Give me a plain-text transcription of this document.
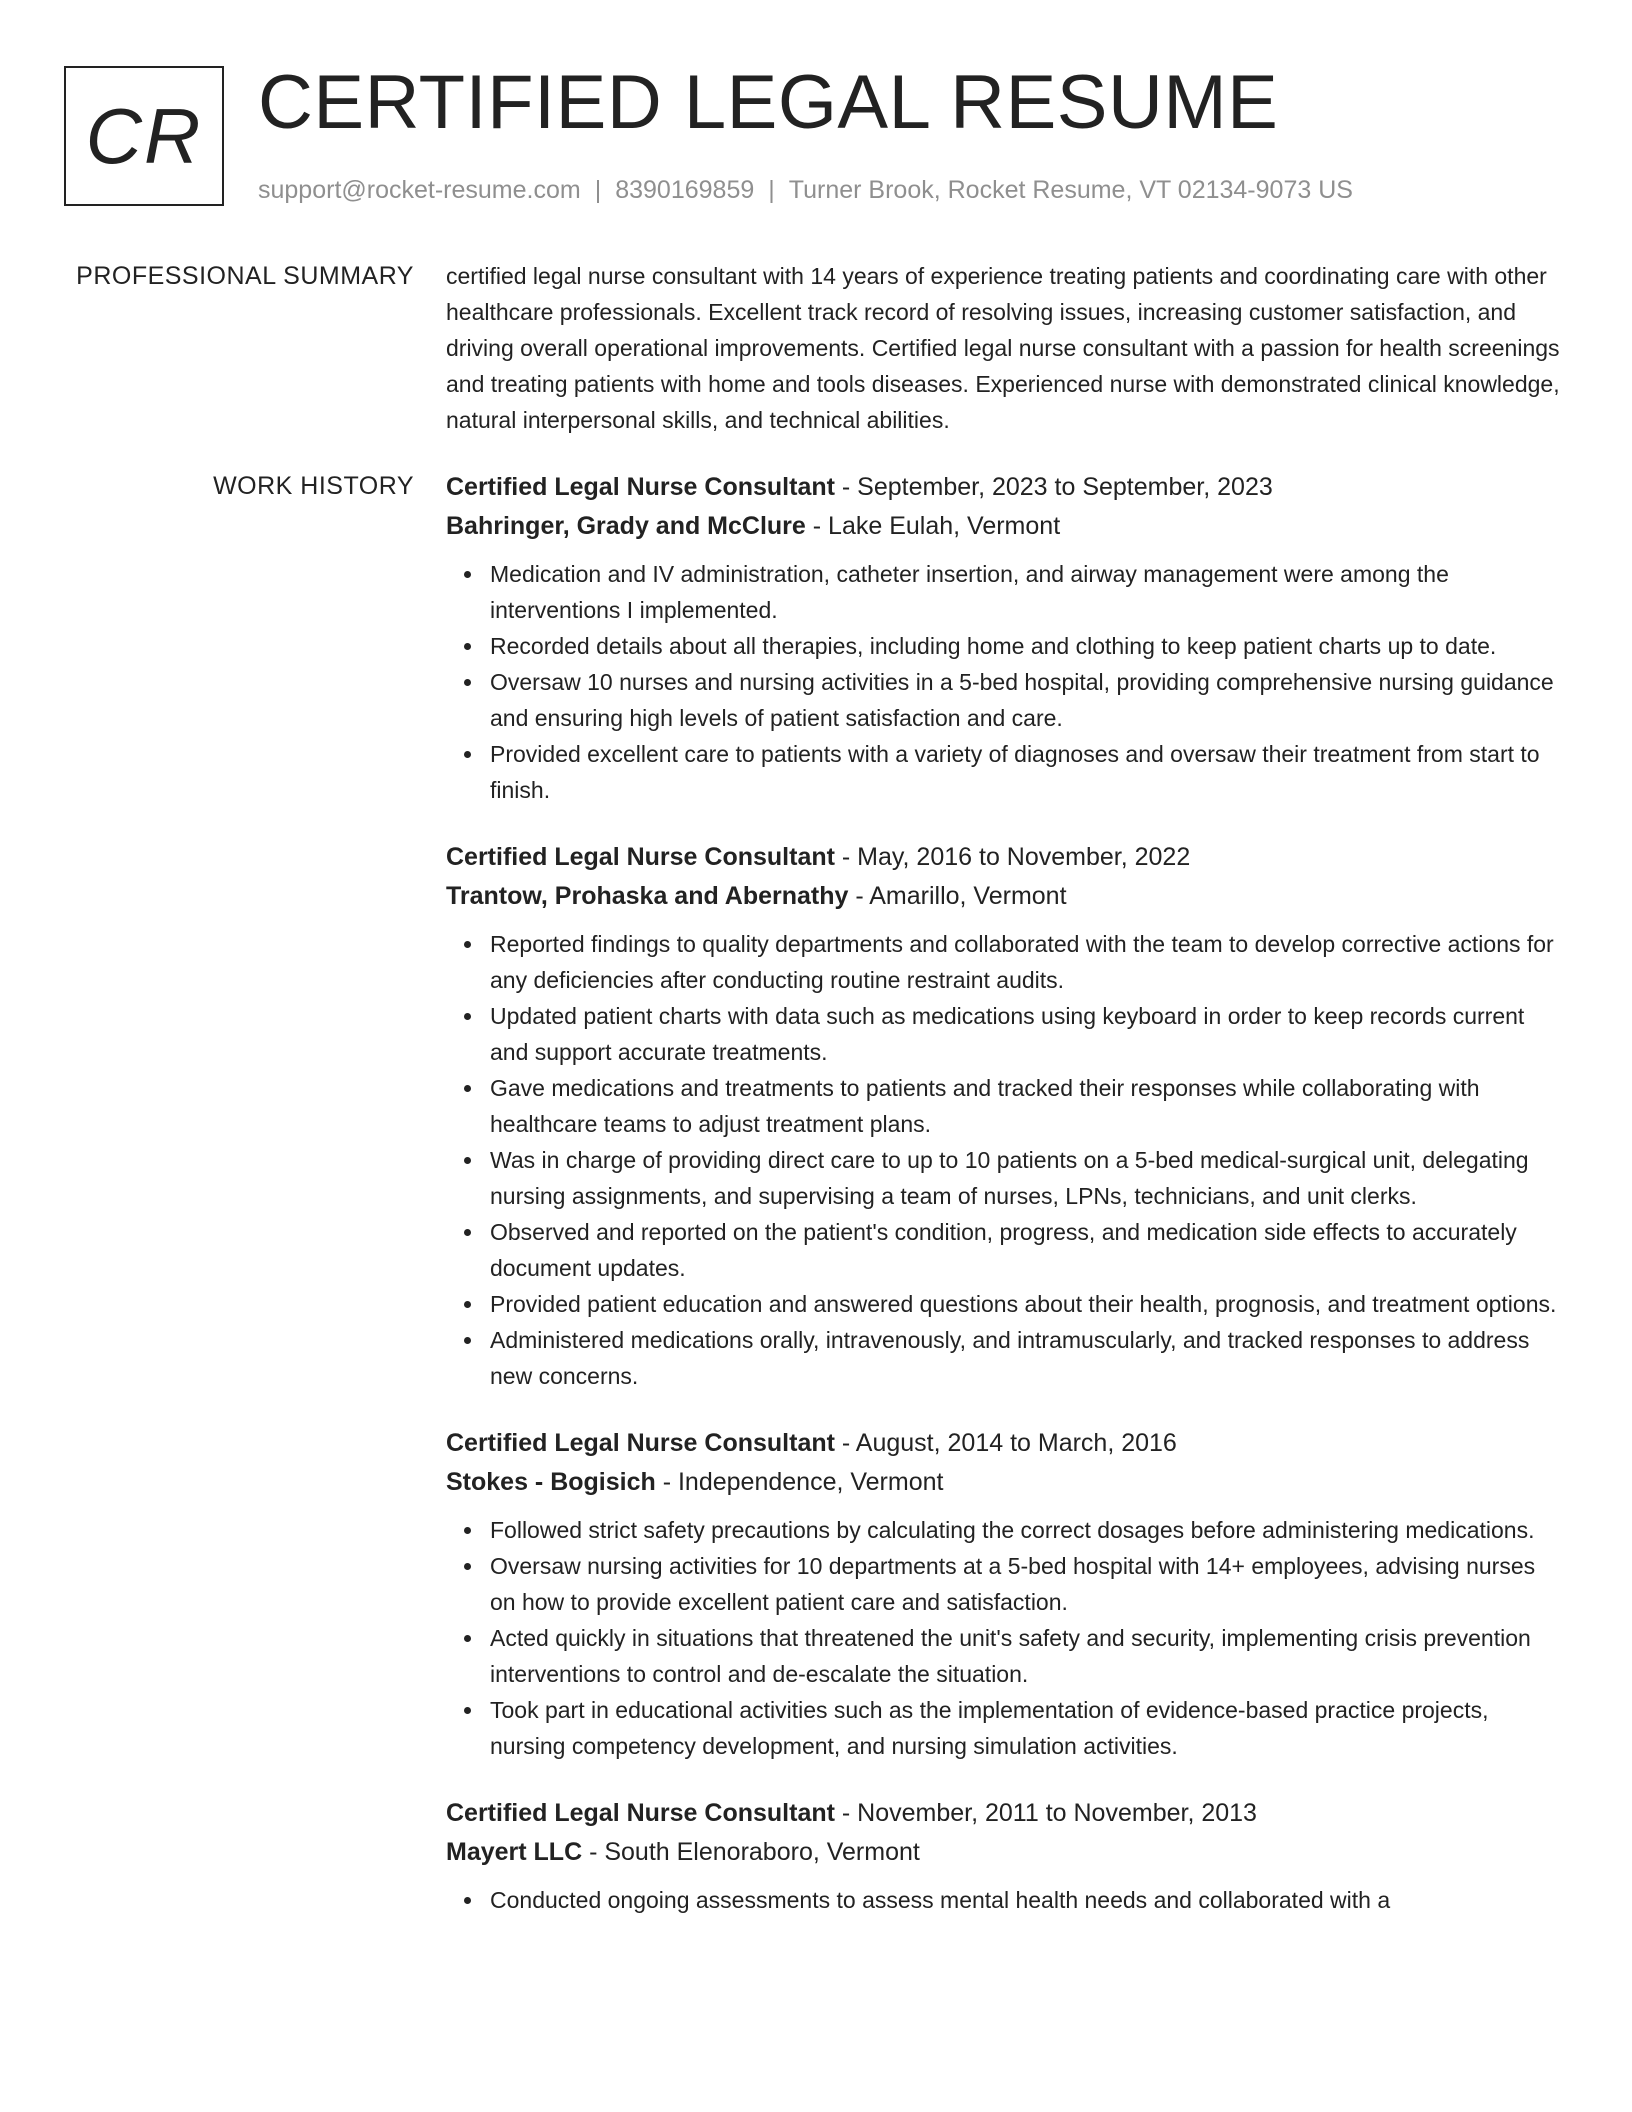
CR CERTIFIED LEGAL RESUME
support@rocket-resume.com | 8390169859 | Turner Brook, Rocket Resume, VT 02134-9073 US
PROFESSIONAL SUMMARY certified legal nurse consultant with 14 years of experience treating patients and coordinating care with other healthcare professionals. Excellent track record of resolving issues, increasing customer satisfaction, and driving overall operational improvements. Certified legal nurse consultant with a passion for health screenings and treating patients with home and tools diseases. Experienced nurse with demonstrated clinical knowledge, natural interpersonal skills, and technical abilities.

WORK HISTORY Certified Legal Nurse Consultant - September, 2023 to September, 2023
Bahringer, Grady and McClure - Lake Eulah, Vermont
Medication and IV administration, catheter insertion, and airway management were among the interventions I implemented.
Recorded details about all therapies, including home and clothing to keep patient charts up to date.
Oversaw 10 nurses and nursing activities in a 5-bed hospital, providing comprehensive nursing guidance and ensuring high levels of patient satisfaction and care.
Provided excellent care to patients with a variety of diagnoses and oversaw their treatment from start to finish.
Certified Legal Nurse Consultant - May, 2016 to November, 2022
Trantow, Prohaska and Abernathy - Amarillo, Vermont
Reported findings to quality departments and collaborated with the team to develop corrective actions for any deficiencies after conducting routine restraint audits.
Updated patient charts with data such as medications using keyboard in order to keep records current and support accurate treatments.
Gave medications and treatments to patients and tracked their responses while collaborating with healthcare teams to adjust treatment plans.
Was in charge of providing direct care to up to 10 patients on a 5-bed medical-surgical unit, delegating nursing assignments, and supervising a team of nurses, LPNs, technicians, and unit clerks.
Observed and reported on the patient's condition, progress, and medication side effects to accurately document updates.
Provided patient education and answered questions about their health, prognosis, and treatment options.
Administered medications orally, intravenously, and intramuscularly, and tracked responses to address new concerns.
Certified Legal Nurse Consultant - August, 2014 to March, 2016
Stokes - Bogisich - Independence, Vermont
Followed strict safety precautions by calculating the correct dosages before administering medications.
Oversaw nursing activities for 10 departments at a 5-bed hospital with 14+ employees, advising nurses on how to provide excellent patient care and satisfaction.
Acted quickly in situations that threatened the unit's safety and security, implementing crisis prevention interventions to control and de-escalate the situation.
Took part in educational activities such as the implementation of evidence-based practice projects, nursing competency development, and nursing simulation activities.
Certified Legal Nurse Consultant - November, 2011 to November, 2013
Mayert LLC - South Elenoraboro, Vermont
Conducted ongoing assessments to assess mental health needs and collaborated with a
